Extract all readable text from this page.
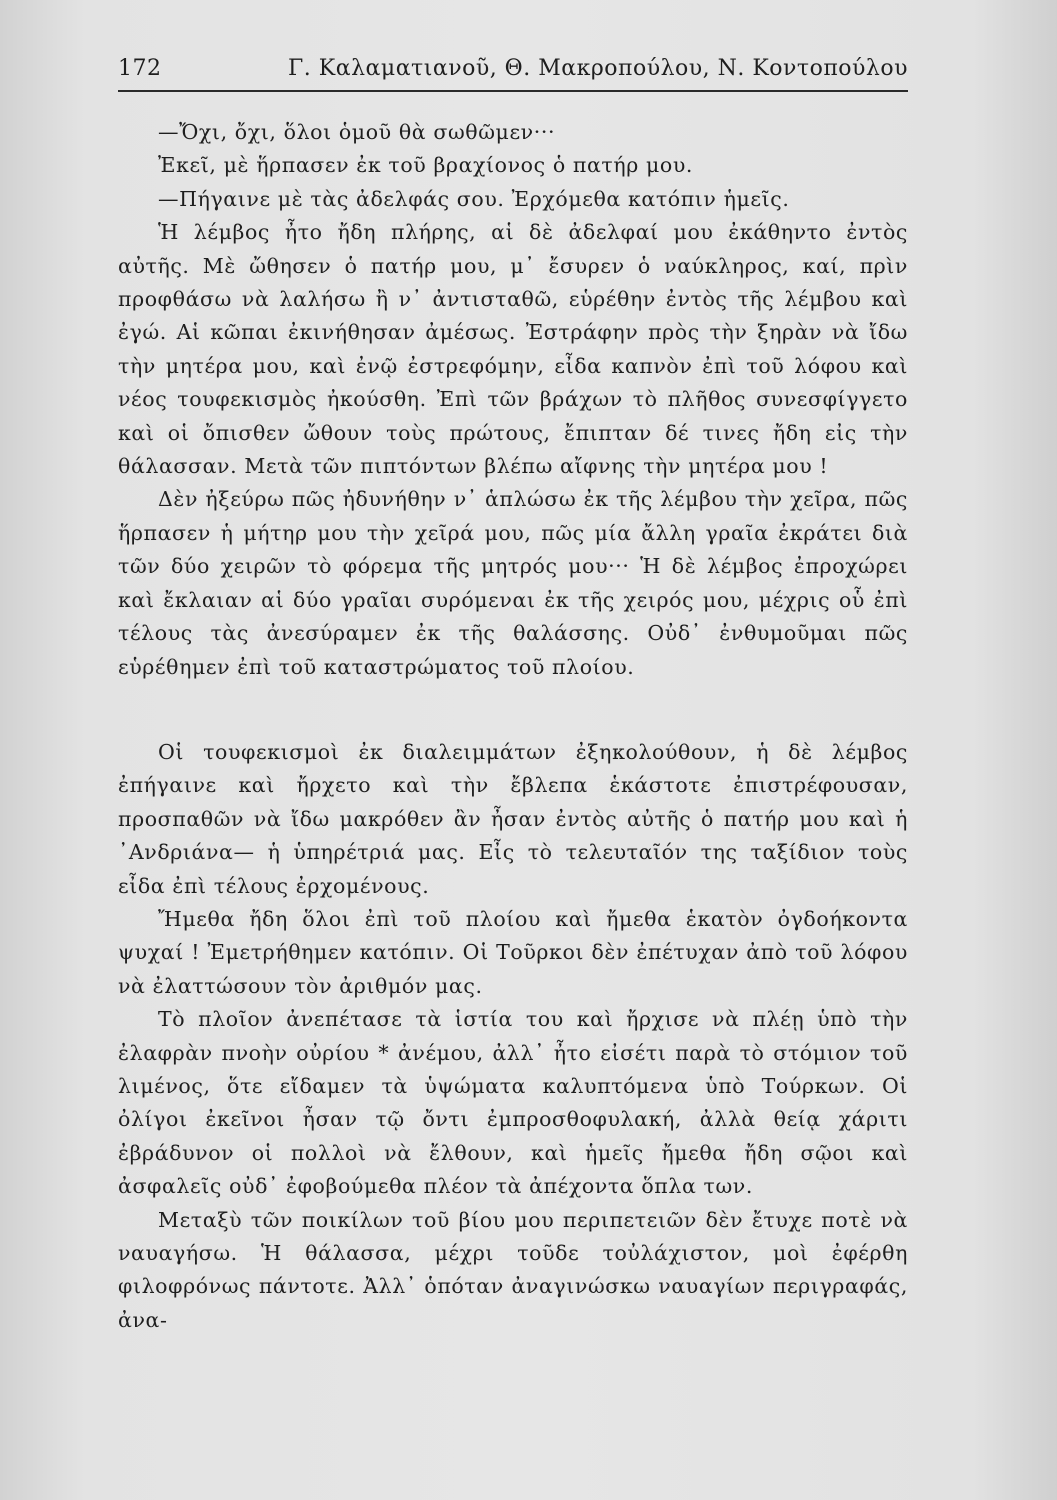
172	Γ. Καλαματιανοῦ, Θ. Μακροπούλου, Ν. Κοντοπούλου

—Ὄχι, ὄχι, ὅλοι ὁμοῦ θὰ σωθῶμεν···

Ἐκεῖ, μὲ ἥρπασεν ἐκ τοῦ βραχίονος ὁ πατήρ μου.

—Πήγαινε μὲ τὰς ἀδελφάς σου. Ἐρχόμεθα κατόπιν ἡμεῖς.

Ἡ λέμβος ἦτο ἤδη πλήρης, αἱ δὲ ἀδελφαί μου ἐκάθηντο ἐντὸς αὐτῆς. Μὲ ὤθησεν ὁ πατήρ μου, μ᾽ ἔσυρεν ὁ ναύκληρος, καί, πρὶν προφθάσω νὰ λαλήσω ἢ ν᾽ ἀντισταθῶ, εὑρέθην ἐντὸς τῆς λέμβου καὶ ἐγώ. Αἱ κῶπαι ἐκινήθησαν ἀμέσως. Ἐστράφην πρὸς τὴν ξηρὰν νὰ ἴδω τὴν μητέρα μου, καὶ ἐνῷ ἐστρεφόμην, εἶδα καπνὸν ἐπὶ τοῦ λόφου καὶ νέος τουφεκισμὸς ἠκούσθη. Ἐπὶ τῶν βράχων τὸ πλῆθος συνεσφίγγετο καὶ οἱ ὄπισθεν ὤθουν τοὺς πρώτους, ἔπιπταν δέ τινες ἤδη εἰς τὴν θάλασσαν. Μετὰ τῶν πιπτόντων βλέπω αἴφνης τὴν μητέρα μου !

Δὲν ἠξεύρω πῶς ἠδυνήθην ν᾽ ἁπλώσω ἐκ τῆς λέμβου τὴν χεῖρα, πῶς ἥρπασεν ἡ μήτηρ μου τὴν χεῖρά μου, πῶς μία ἄλλη γραῖα ἐκράτει διὰ τῶν δύο χειρῶν τὸ φόρεμα τῆς μητρός μου··· Ἡ δὲ λέμβος ἐπροχώρει καὶ ἔκλαιαν αἱ δύο γραῖαι συρόμεναι ἐκ τῆς χειρός μου, μέχρις οὗ ἐπὶ τέλους τὰς ἀνεσύραμεν ἐκ τῆς θαλάσσης. Οὐδ᾽ ἐνθυμοῦμαι πῶς εὑρέθημεν ἐπὶ τοῦ καταστρώματος τοῦ πλοίου.

Οἱ τουφεκισμοὶ ἐκ διαλειμμάτων ἐξηκολούθουν, ἡ δὲ λέμβος ἐπήγαινε καὶ ἤρχετο καὶ τὴν ἔβλεπα ἑκάστοτε ἐπιστρέφουσαν, προσπαθῶν νὰ ἴδω μακρόθεν ἂν ἦσαν ἐντὸς αὐτῆς ὁ πατήρ μου καὶ ἡ ᾿Ανδριάνα— ἡ ὑπηρέτριά μας. Εἶς τὸ τελευταῖόν της ταξίδιον τοὺς εἶδα ἐπὶ τέλους ἐρχομένους.

Ἤμεθα ἤδη ὅλοι ἐπὶ τοῦ πλοίου καὶ ἤμεθα ἑκατὸν ὀγδοήκοντα ψυχαί ! Ἐμετρήθημεν κατόπιν. Οἱ Τοῦρκοι δὲν ἐπέτυχαν ἀπὸ τοῦ λόφου νὰ ἐλαττώσουν τὸν ἀριθμόν μας.

Τὸ πλοῖον ἀνεπέτασε τὰ ἱστία του καὶ ἤρχισε νὰ πλέῃ ὑπὸ τὴν ἐλαφρὰν πνοὴν οὐρίου * ἀνέμου, ἀλλ᾽ ἦτο εἰσέτι παρὰ τὸ στόμιον τοῦ λιμένος, ὅτε εἴδαμεν τὰ ὑψώματα καλυπτόμενα ὑπὸ Τούρκων. Οἱ ὀλίγοι ἐκεῖνοι ἦσαν τῷ ὄντι ἐμπροσθοφυλακή, ἀλλὰ θείᾳ χάριτι ἐβράδυνον οἱ πολλοὶ νὰ ἔλθουν, καὶ ἡμεῖς ἤμεθα ἤδη σῷοι καὶ ἀσφαλεῖς οὐδ᾽ ἐφοβούμεθα πλέον τὰ ἀπέχοντα ὅπλα των.

Μεταξὺ τῶν ποικίλων τοῦ βίου μου περιπετειῶν δὲν ἔτυχε ποτὲ νὰ ναυαγήσω. Ἡ θάλασσα, μέχρι τοῦδε τοὐλάχιστον, μοὶ ἐφέρθη φιλοφρόνως πάντοτε. Ἀλλ᾽ ὁπόταν ἀναγινώσκω ναυαγίων περιγραφάς, ἀνα-
